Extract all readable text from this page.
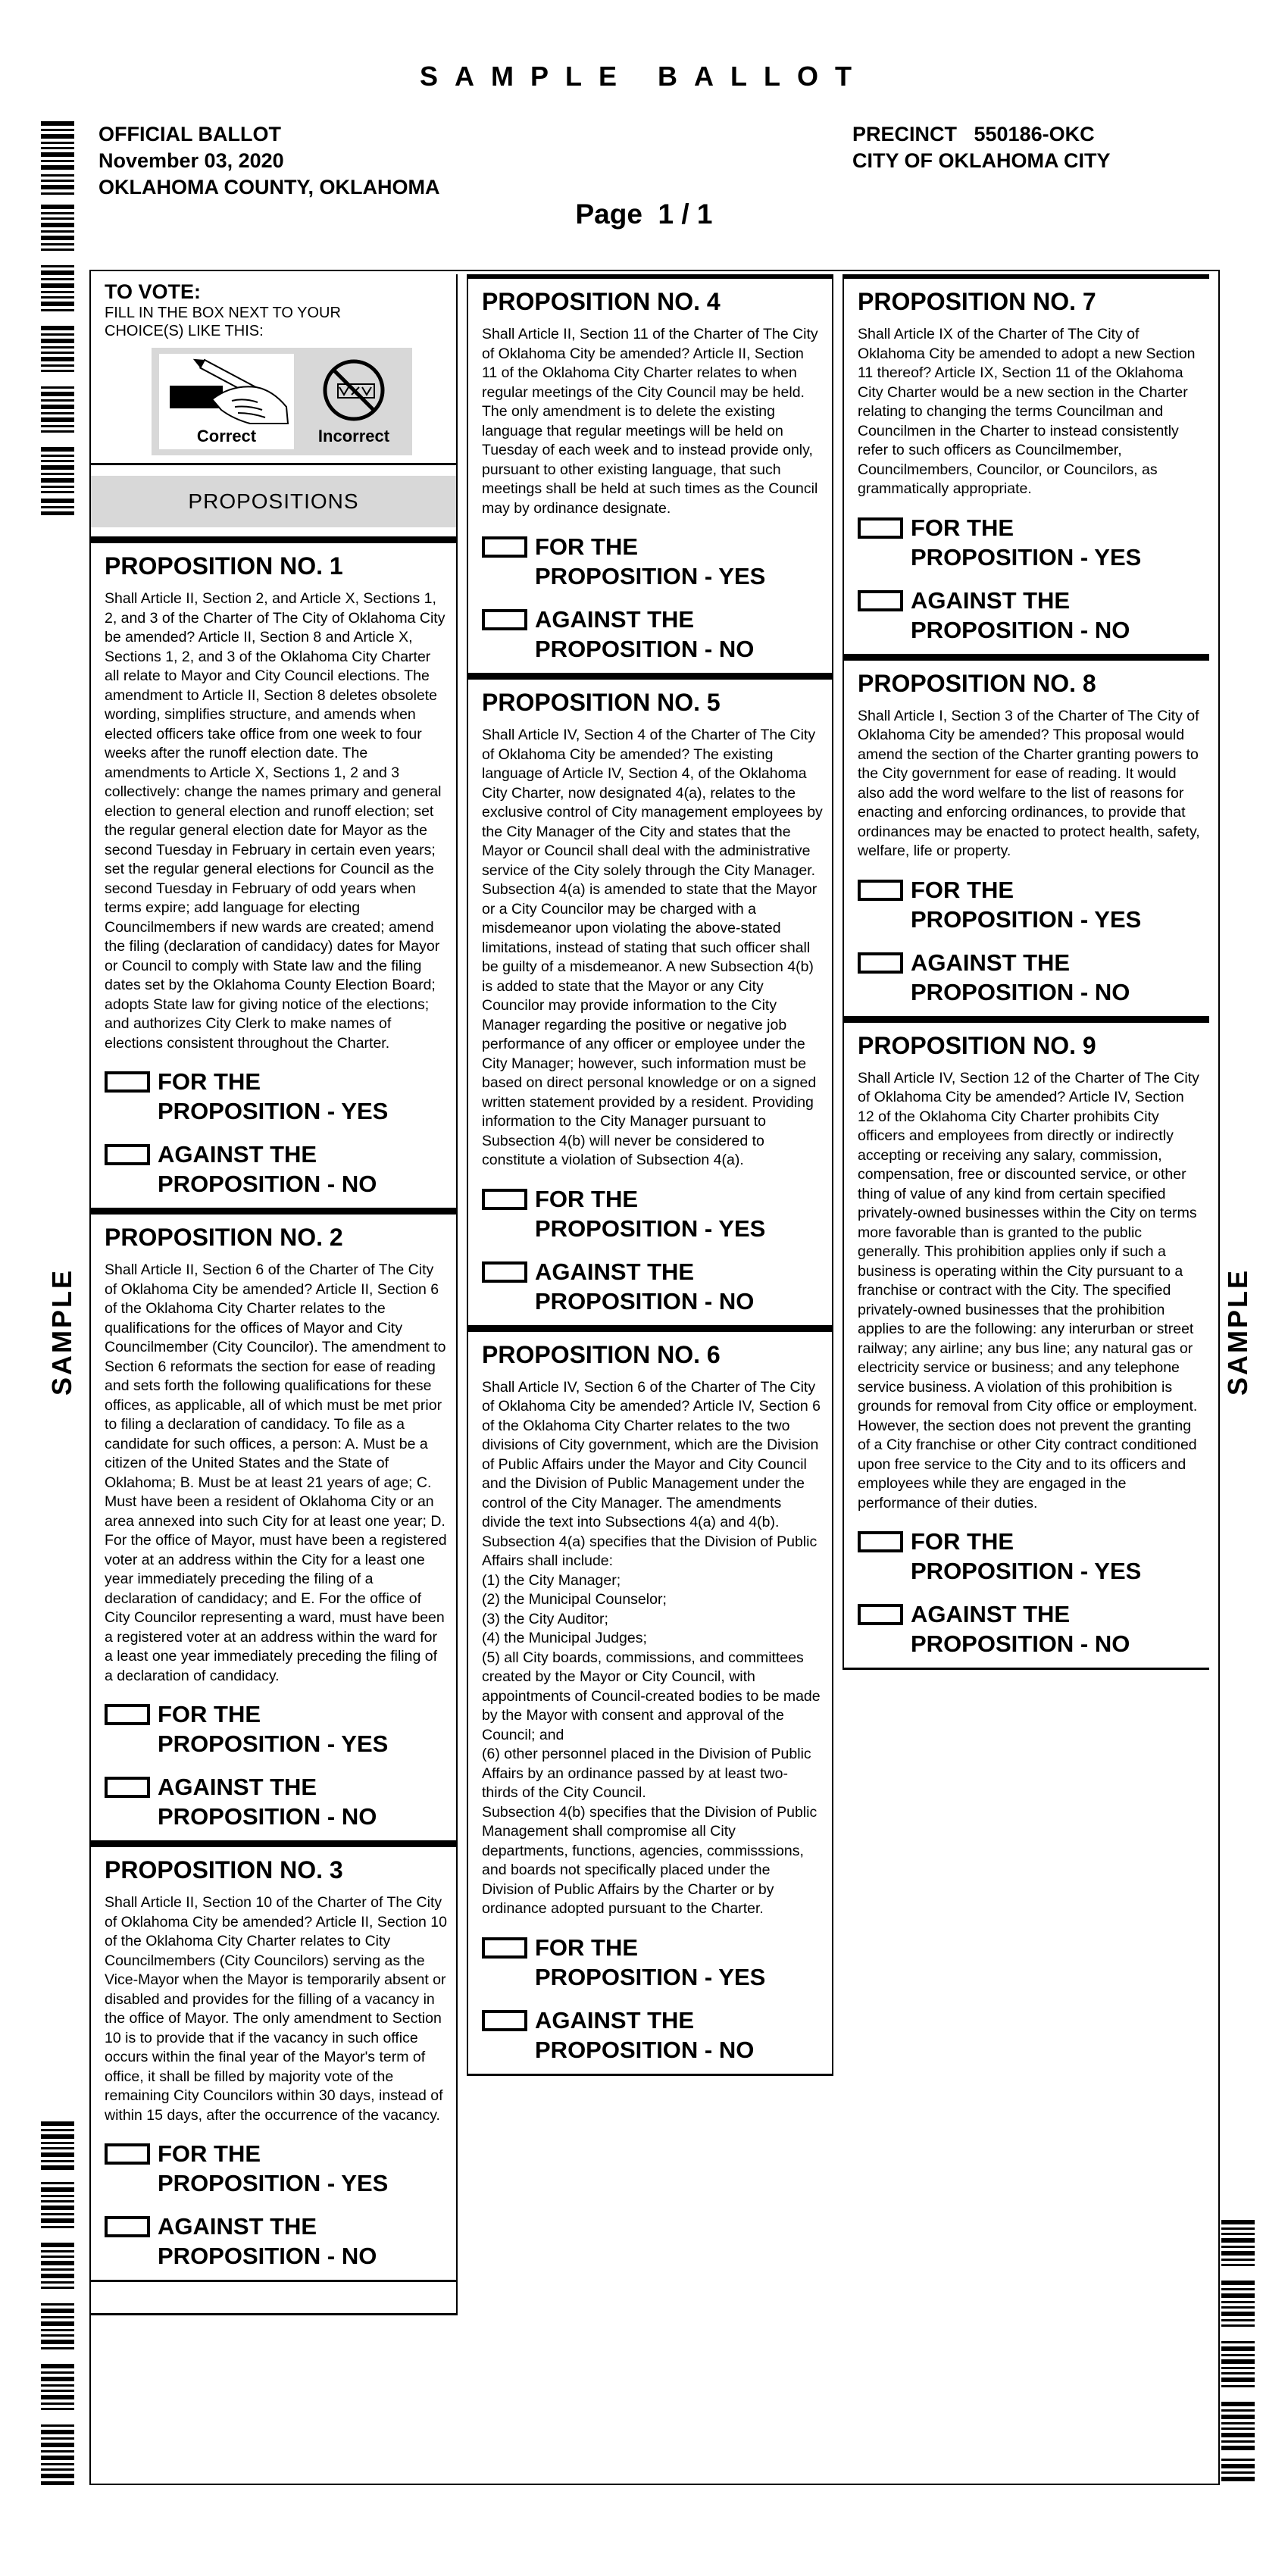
SAMPLE BALLOT
OFFICIAL BALLOT
November 03, 2020
OKLAHOMA COUNTY, OKLAHOMA
PRECINCT   550186-OKC
CITY OF OKLAHOMA CITY
Page  1 / 1
SAMPLE	SAMPLE
TO VOTE:
FILL IN THE BOX NEXT TO YOUR CHOICE(S) LIKE THIS:
Correct	Incorrect
PROPOSITIONS
PROPOSITION NO. 1
Shall Article II, Section 2, and Article X, Sections 1, 2, and 3 of the Charter of The City of Oklahoma City be amended? Article II, Section 8 and Article X, Sections 1, 2, and 3 of the Oklahoma City Charter all relate to Mayor and City Council elections. The amendment to Article II, Section 8 deletes obsolete wording, simplifies structure, and amends when elected officers take office from one week to four weeks after the runoff election date. The amendments to Article X, Sections 1, 2 and 3 collectively: change the names primary and general election to general election and runoff election; set the regular general election date for Mayor as the second Tuesday in February in certain even years; set the regular general elections for Council as the second Tuesday in February of odd years when terms expire; add language for electing Councilmembers if new wards are created; amend the filing (declaration of candidacy) dates for Mayor or Council to comply with State law and the filing dates set by the Oklahoma County Election Board; adopts State law for giving notice of the elections; and authorizes City Clerk to make names of elections consistent throughout the Charter.
FOR THE
PROPOSITION - YES
AGAINST THE
PROPOSITION - NO
PROPOSITION NO. 2
Shall Article II, Section 6 of the Charter of The City of Oklahoma City be amended? Article II, Section 6 of the Oklahoma City Charter relates to the qualifications for the offices of Mayor and City Councilmember (City Councilor). The amendment to Section 6 reformats the section for ease of reading and sets forth the following qualifications for these offices, as applicable, all of which must be met prior to filing a declaration of candidacy. To file as a candidate for such offices, a person: A. Must be a citizen of the United States and the State of Oklahoma; B. Must be at least 21 years of age; C. Must have been a resident of Oklahoma City or an area annexed into such City for at least one year; D. For the office of Mayor, must have been a registered voter at an address within the City for a least one year immediately preceding the filing of a declaration of candidacy; and E. For the office of City Councilor representing a ward, must have been a registered voter at an address within the ward for a least one year immediately preceding the filing of a declaration of candidacy.
FOR THE
PROPOSITION - YES
AGAINST THE
PROPOSITION - NO
PROPOSITION NO. 3
Shall Article II, Section 10 of the Charter of The City of Oklahoma City be amended? Article II, Section 10 of the Oklahoma City Charter relates to City Councilmembers (City Councilors) serving as the Vice-Mayor when the Mayor is temporarily absent or disabled and provides for the filling of a vacancy in the office of Mayor. The only amendment to Section 10 is to provide that if the vacancy in such office occurs within the final year of the Mayor's term of office, it shall be filled by majority vote of the remaining City Councilors within 30 days, instead of within 15 days, after the occurrence of the vacancy.
FOR THE
PROPOSITION - YES
AGAINST THE
PROPOSITION - NO
PROPOSITION NO. 4
Shall Article II, Section 11 of the Charter of The City of Oklahoma City be amended? Article II, Section 11 of the Oklahoma City Charter relates to when regular meetings of the City Council may be held. The only amendment is to delete the existing language that regular meetings will be held on Tuesday of each week and to instead provide only, pursuant to other existing language, that such meetings shall be held at such times as the Council may by ordinance designate.
FOR THE
PROPOSITION - YES
AGAINST THE
PROPOSITION - NO
PROPOSITION NO. 5
Shall Article IV, Section 4 of the Charter of The City of Oklahoma City be amended? The existing language of Article IV, Section 4, of the Oklahoma City Charter, now designated 4(a), relates to the exclusive control of City management employees by the City Manager of the City and states that the Mayor or Council shall deal with the administrative service of the City solely through the City Manager. Subsection 4(a) is amended to state that the Mayor or a City Councilor may be charged with a misdemeanor upon violating the above-stated limitations, instead of stating that such officer shall be guilty of a misdemeanor. A new Subsection 4(b) is added to state that the Mayor or any City Councilor may provide information to the City Manager regarding the positive or negative job performance of any officer or employee under the City Manager; however, such information must be based on direct personal knowledge or on a signed written statement provided by a resident. Providing information to the City Manager pursuant to Subsection 4(b) will never be considered to constitute a violation of Subsection 4(a).
FOR THE
PROPOSITION - YES
AGAINST THE
PROPOSITION - NO
PROPOSITION NO. 6
Shall Article IV, Section 6 of the Charter of The City of Oklahoma City be amended? Article IV, Section 6 of the Oklahoma City Charter relates to the two divisions of City government, which are the Division of Public Affairs under the Mayor and City Council and the Division of Public Management under the control of the City Manager. The amendments divide the text into Subsections 4(a) and 4(b). Subsection 4(a) specifies that the Division of Public Affairs shall include:
(1) the City Manager;
(2) the Municipal Counselor;
(3) the City Auditor;
(4) the Municipal Judges;
(5) all City boards, commissions, and committees created by the Mayor or City Council, with appointments of Council-created bodies to be made by the Mayor with consent and approval of the Council; and
(6) other personnel placed in the Division of Public Affairs by an ordinance passed by at least two-thirds of the City Council.
Subsection 4(b) specifies that the Division of Public Management shall compromise all City departments, functions, agencies, commisssions, and boards not specifically placed under the Division of Public Affairs by the Charter or by ordinance adopted pursuant to the Charter.
FOR THE
PROPOSITION - YES
AGAINST THE
PROPOSITION - NO
PROPOSITION NO. 7
Shall Article IX of the Charter of The City of Oklahoma City be amended to adopt a new Section 11 thereof? Article IX, Section 11 of the Oklahoma City Charter would be a new section in the Charter relating to changing the terms Councilman and Councilmen in the Charter to instead consistently refer to such officers as Councilmember, Councilmembers, Councilor, or Councilors, as grammatically appropriate.
FOR THE
PROPOSITION - YES
AGAINST THE
PROPOSITION - NO
PROPOSITION NO. 8
Shall Article I, Section 3 of the Charter of The City of Oklahoma City be amended? This proposal would amend the section of the Charter granting powers to the City government for ease of reading. It would also add the word welfare to the list of reasons for enacting and enforcing ordinances, to provide that ordinances may be enacted to protect health, safety, welfare, life or property.
FOR THE
PROPOSITION - YES
AGAINST THE
PROPOSITION - NO
PROPOSITION NO. 9
Shall Article IV, Section 12 of the Charter of The City of Oklahoma City be amended? Article IV, Section 12 of the Oklahoma City Charter prohibits City officers and employees from directly or indirectly accepting or receiving any salary, commission, compensation, free or discounted service, or other thing of value of any kind from certain specified privately-owned businesses within the City on terms more favorable than is granted to the public generally. This prohibition applies only if such a business is operating within the City pursuant to a franchise or contract with the City. The specified privately-owned businesses that the prohibition applies to are the following: any interurban or street railway; any airline; any bus line; any natural gas or electricity service or business; and any telephone service business. A violation of this prohibition is grounds for removal from City office or employment. However, the section does not prevent the granting of a City franchise or other City contract conditioned upon free service to the City and to its officers and employees while they are engaged in the performance of their duties.
FOR THE
PROPOSITION - YES
AGAINST THE
PROPOSITION - NO
